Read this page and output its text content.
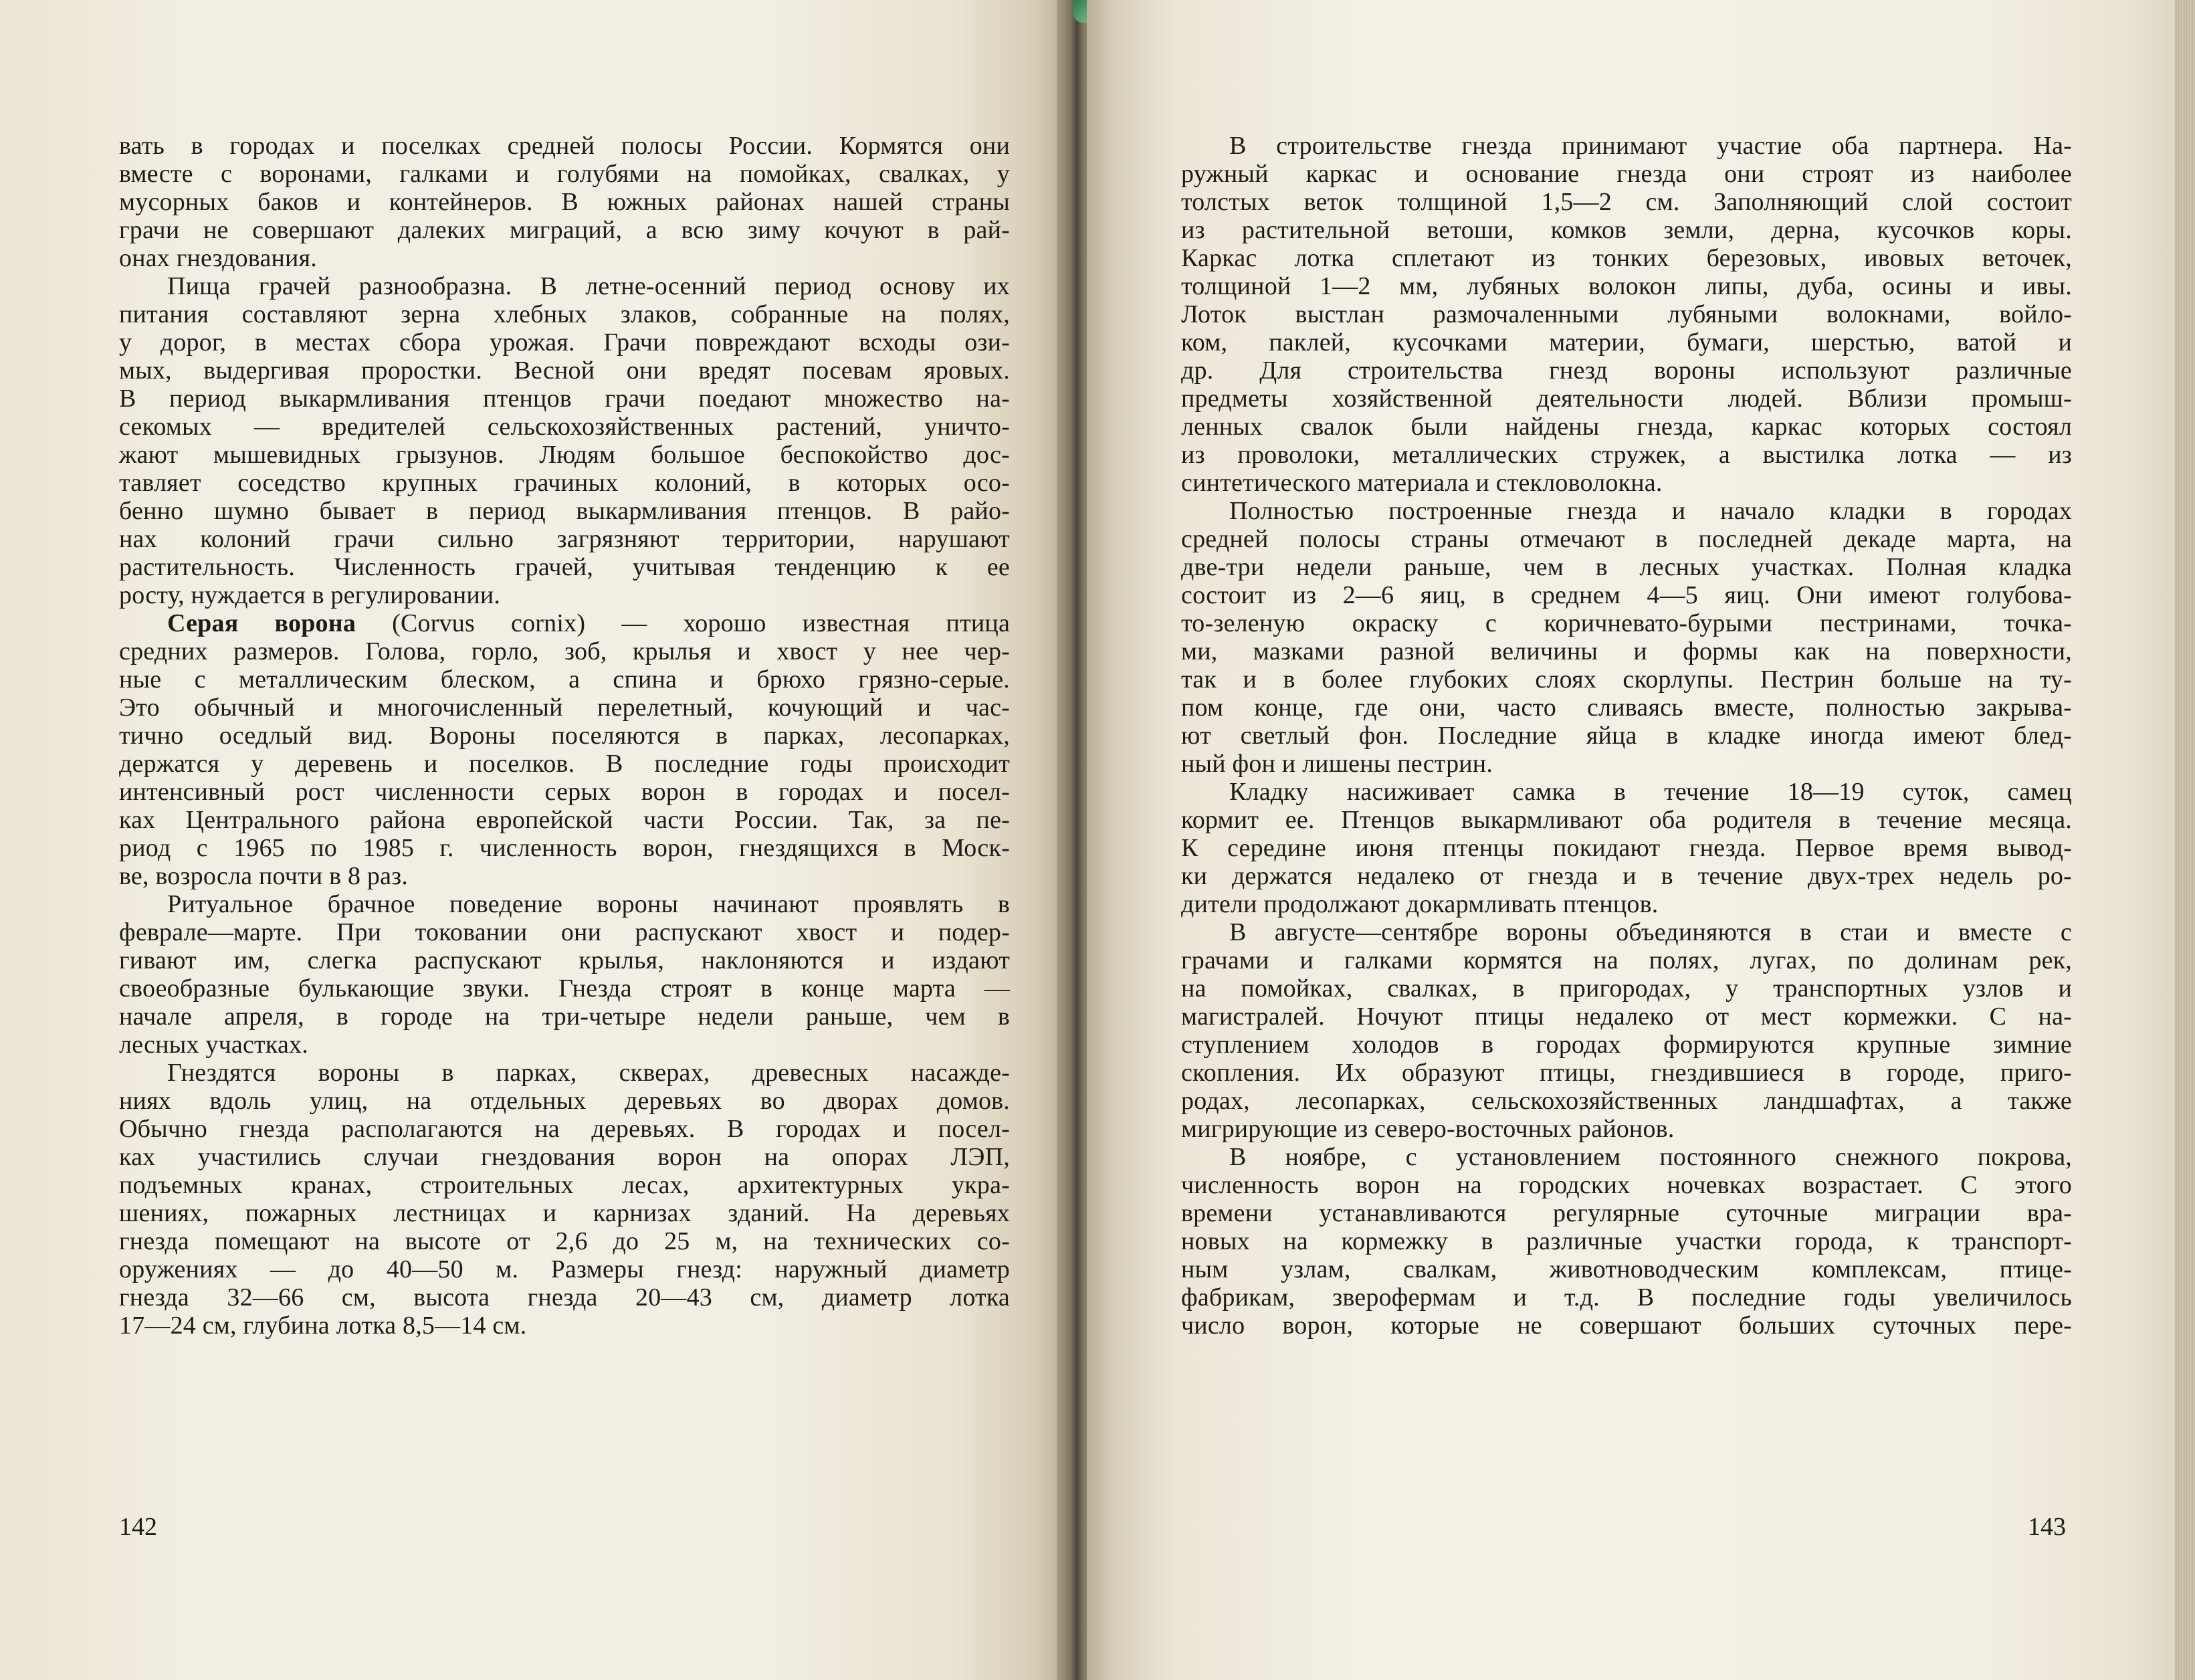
вать в городах и поселках средней полосы России. Кормятся они
вместе с воронами, галками и голубями на помойках, свалках, у
мусорных баков и контейнеров. В южных районах нашей страны
грачи не совершают далеких миграций, а всю зиму кочуют в рай-
онах гнездования.
Пища грачей разнообразна. В летне-осенний период основу их
питания составляют зерна хлебных злаков, собранные на полях,
у дорог, в местах сбора урожая. Грачи повреждают всходы ози-
мых, выдергивая проростки. Весной они вредят посевам яровых.
В период выкармливания птенцов грачи поедают множество на-
секомых — вредителей сельскохозяйственных растений, уничто-
жают мышевидных грызунов. Людям большое беспокойство дос-
тавляет соседство крупных грачиных колоний, в которых осо-
бенно шумно бывает в период выкармливания птенцов. В райо-
нах колоний грачи сильно загрязняют территории, нарушают
растительность. Численность грачей, учитывая тенденцию к ее
росту, нуждается в регулировании.
Серая ворона (Corvus cornix) — хорошо известная птица
средних размеров. Голова, горло, зоб, крылья и хвост у нее чер-
ные с металлическим блеском, а спина и брюхо грязно-серые.
Это обычный и многочисленный перелетный, кочующий и час-
тично оседлый вид. Вороны поселяются в парках, лесопарках,
держатся у деревень и поселков. В последние годы происходит
интенсивный рост численности серых ворон в городах и посел-
ках Центрального района европейской части России. Так, за пе-
риод с 1965 по 1985 г. численность ворон, гнездящихся в Моск-
ве, возросла почти в 8 раз.
Ритуальное брачное поведение вороны начинают проявлять в
феврале—марте. При токовании они распускают хвост и подер-
гивают им, слегка распускают крылья, наклоняются и издают
своеобразные булькающие звуки. Гнезда строят в конце марта —
начале апреля, в городе на три-четыре недели раньше, чем в
лесных участках.
Гнездятся вороны в парках, скверах, древесных насажде-
ниях вдоль улиц, на отдельных деревьях во дворах домов.
Обычно гнезда располагаются на деревьях. В городах и посел-
ках участились случаи гнездования ворон на опорах ЛЭП,
подъемных кранах, строительных лесах, архитектурных укра-
шениях, пожарных лестницах и карнизах зданий. На деревьях
гнезда помещают на высоте от 2,6 до 25 м, на технических со-
оружениях — до 40—50 м. Размеры гнезд: наружный диаметр
гнезда 32—66 см, высота гнезда 20—43 см, диаметр лотка
17—24 см, глубина лотка 8,5—14 см.
142
В строительстве гнезда принимают участие оба партнера. На-
ружный каркас и основание гнезда они строят из наиболее
толстых веток толщиной 1,5—2 см. Заполняющий слой состоит
из растительной ветоши, комков земли, дерна, кусочков коры.
Каркас лотка сплетают из тонких березовых, ивовых веточек,
толщиной 1—2 мм, лубяных волокон липы, дуба, осины и ивы.
Лоток выстлан размочаленными лубяными волокнами, войло-
ком, паклей, кусочками материи, бумаги, шерстью, ватой и
др. Для строительства гнезд вороны используют различные
предметы хозяйственной деятельности людей. Вблизи промыш-
ленных свалок были найдены гнезда, каркас которых состоял
из проволоки, металлических стружек, а выстилка лотка — из
синтетического материала и стекловолокна.
Полностью построенные гнезда и начало кладки в городах
средней полосы страны отмечают в последней декаде марта, на
две-три недели раньше, чем в лесных участках. Полная кладка
состоит из 2—6 яиц, в среднем 4—5 яиц. Они имеют голубова-
то-зеленую окраску с коричневато-бурыми пестринами, точка-
ми, мазками разной величины и формы как на поверхности,
так и в более глубоких слоях скорлупы. Пестрин больше на ту-
пом конце, где они, часто сливаясь вместе, полностью закрыва-
ют светлый фон. Последние яйца в кладке иногда имеют блед-
ный фон и лишены пестрин.
Кладку насиживает самка в течение 18—19 суток, самец
кормит ее. Птенцов выкармливают оба родителя в течение месяца.
К середине июня птенцы покидают гнезда. Первое время вывод-
ки держатся недалеко от гнезда и в течение двух-трех недель ро-
дители продолжают докармливать птенцов.
В августе—сентябре вороны объединяются в стаи и вместе с
грачами и галками кормятся на полях, лугах, по долинам рек,
на помойках, свалках, в пригородах, у транспортных узлов и
магистралей. Ночуют птицы недалеко от мест кормежки. С на-
ступлением холодов в городах формируются крупные зимние
скопления. Их образуют птицы, гнездившиеся в городе, приго-
родах, лесопарках, сельскохозяйственных ландшафтах, а также
мигрирующие из северо-восточных районов.
В ноябре, с установлением постоянного снежного покрова,
численность ворон на городских ночевках возрастает. С этого
времени устанавливаются регулярные суточные миграции вра-
новых на кормежку в различные участки города, к транспорт-
ным узлам, свалкам, животноводческим комплексам, птице-
фабрикам, зверофермам и т.д. В последние годы увеличилось
число ворон, которые не совершают больших суточных пере-
143
